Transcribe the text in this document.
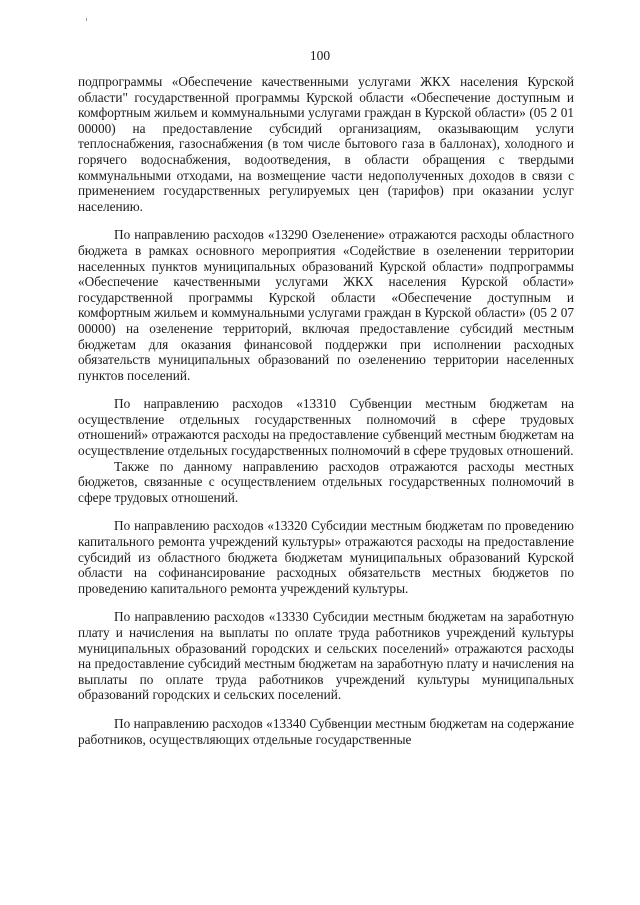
100

подпрограммы «Обеспечение качественными услугами ЖКХ населения Курской области" государственной программы Курской области «Обеспечение доступным и комфортным жильем и коммунальными услугами граждан в Курской области» (05 2 01 00000) на предоставление субсидий организациям, оказывающим услуги теплоснабжения, газоснабжения (в том числе бытового газа в баллонах), холодного и горячего водоснабжения, водоотведения, в области обращения с твердыми коммунальными отходами, на возмещение части недополученных доходов в связи с применением государственных регулируемых цен (тарифов) при оказании услуг населению.

По направлению расходов «13290 Озеленение» отражаются расходы областного бюджета в рамках основного мероприятия «Содействие в озеленении территории населенных пунктов муниципальных образований Курской области» подпрограммы «Обеспечение качественными услугами ЖКХ населения Курской области» государственной программы Курской области «Обеспечение доступным и комфортным жильем и коммунальными услугами граждан в Курской области» (05 2 07 00000) на озеленение территорий, включая предоставление субсидий местным бюджетам для оказания финансовой поддержки при исполнении расходных обязательств муниципальных образований по озеленению территории населенных пунктов поселений.

По направлению расходов «13310 Субвенции местным бюджетам на осуществление отдельных государственных полномочий в сфере трудовых отношений» отражаются расходы на предоставление субвенций местным бюджетам на осуществление отдельных государственных полномочий в сфере трудовых отношений.

Также по данному направлению расходов отражаются расходы местных бюджетов, связанные с осуществлением отдельных государственных полномочий в сфере трудовых отношений.

По направлению расходов «13320 Субсидии местным бюджетам по проведению капитального ремонта учреждений культуры» отражаются расходы на предоставление субсидий из областного бюджета бюджетам муниципальных образований Курской области на софинансирование расходных обязательств местных бюджетов по проведению капитального ремонта учреждений культуры.

По направлению расходов «13330 Субсидии местным бюджетам на заработную плату и начисления на выплаты по оплате труда работников учреждений культуры муниципальных образований городских и сельских поселений» отражаются расходы на предоставление субсидий местным бюджетам на заработную плату и начисления на выплаты по оплате труда работников учреждений культуры муниципальных образований городских и сельских поселений.

По направлению расходов «13340 Субвенции местным бюджетам на содержание работников, осуществляющих отдельные государственные
